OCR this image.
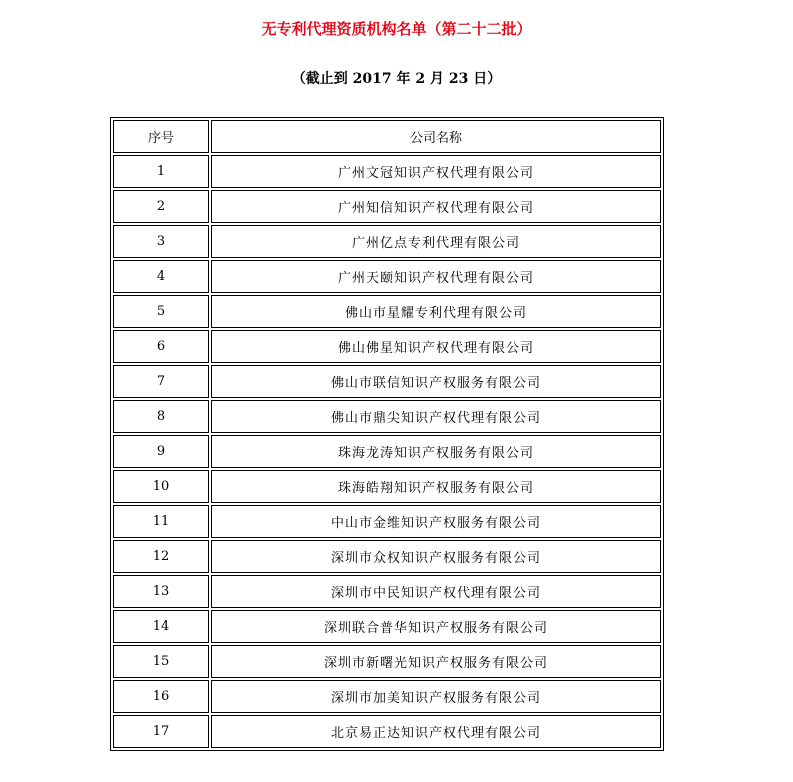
无专利代理资质机构名单（第二十二批）
（截止到 2017 年 2 月 23 日）
序号	公司名称
1	广州文冠知识产权代理有限公司
2	广州知信知识产权代理有限公司
3	广州亿点专利代理有限公司
4	广州天颐知识产权代理有限公司
5	佛山市星耀专利代理有限公司
6	佛山佛星知识产权代理有限公司
7	佛山市联信知识产权服务有限公司
8	佛山市鼎尖知识产权代理有限公司
9	珠海龙涛知识产权服务有限公司
10	珠海皓翔知识产权服务有限公司
11	中山市金维知识产权服务有限公司
12	深圳市众权知识产权服务有限公司
13	深圳市中民知识产权代理有限公司
14	深圳联合普华知识产权服务有限公司
15	深圳市新曙光知识产权服务有限公司
16	深圳市加美知识产权服务有限公司
17	北京易正达知识产权代理有限公司
